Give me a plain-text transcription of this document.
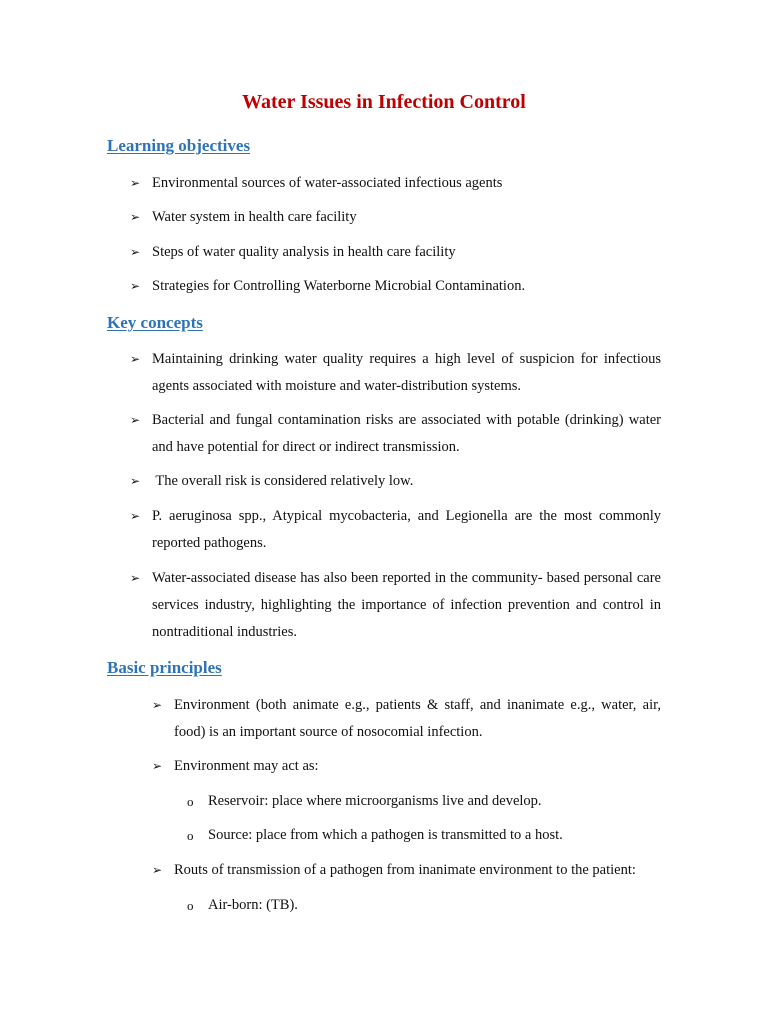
Water Issues in Infection Control
Learning objectives
➢ Environmental sources of water-associated infectious agents
➢ Water system in health care facility
➢ Steps of water quality analysis in health care facility
➢ Strategies for Controlling Waterborne Microbial Contamination.
Key concepts
➢ Maintaining drinking water quality requires a high level of suspicion for infectious agents associated with moisture and water-distribution systems.
➢ Bacterial and fungal contamination risks are associated with potable (drinking) water and have potential for direct or indirect transmission.
➢ The overall risk is considered relatively low.
➢ P. aeruginosa spp., Atypical mycobacteria, and Legionella are the most commonly reported pathogens.
➢ Water-associated disease has also been reported in the community- based personal care services industry, highlighting the importance of infection prevention and control in nontraditional industries.
Basic principles
➢ Environment (both animate e.g., patients & staff, and inanimate e.g., water, air, food) is an important source of nosocomial infection.
➢ Environment may act as:
o	Reservoir: place where microorganisms live and develop.
o	Source: place from which a pathogen is transmitted to a host.
➢ Routs of transmission of a pathogen from inanimate environment to the patient:
o	Air-born: (TB).
